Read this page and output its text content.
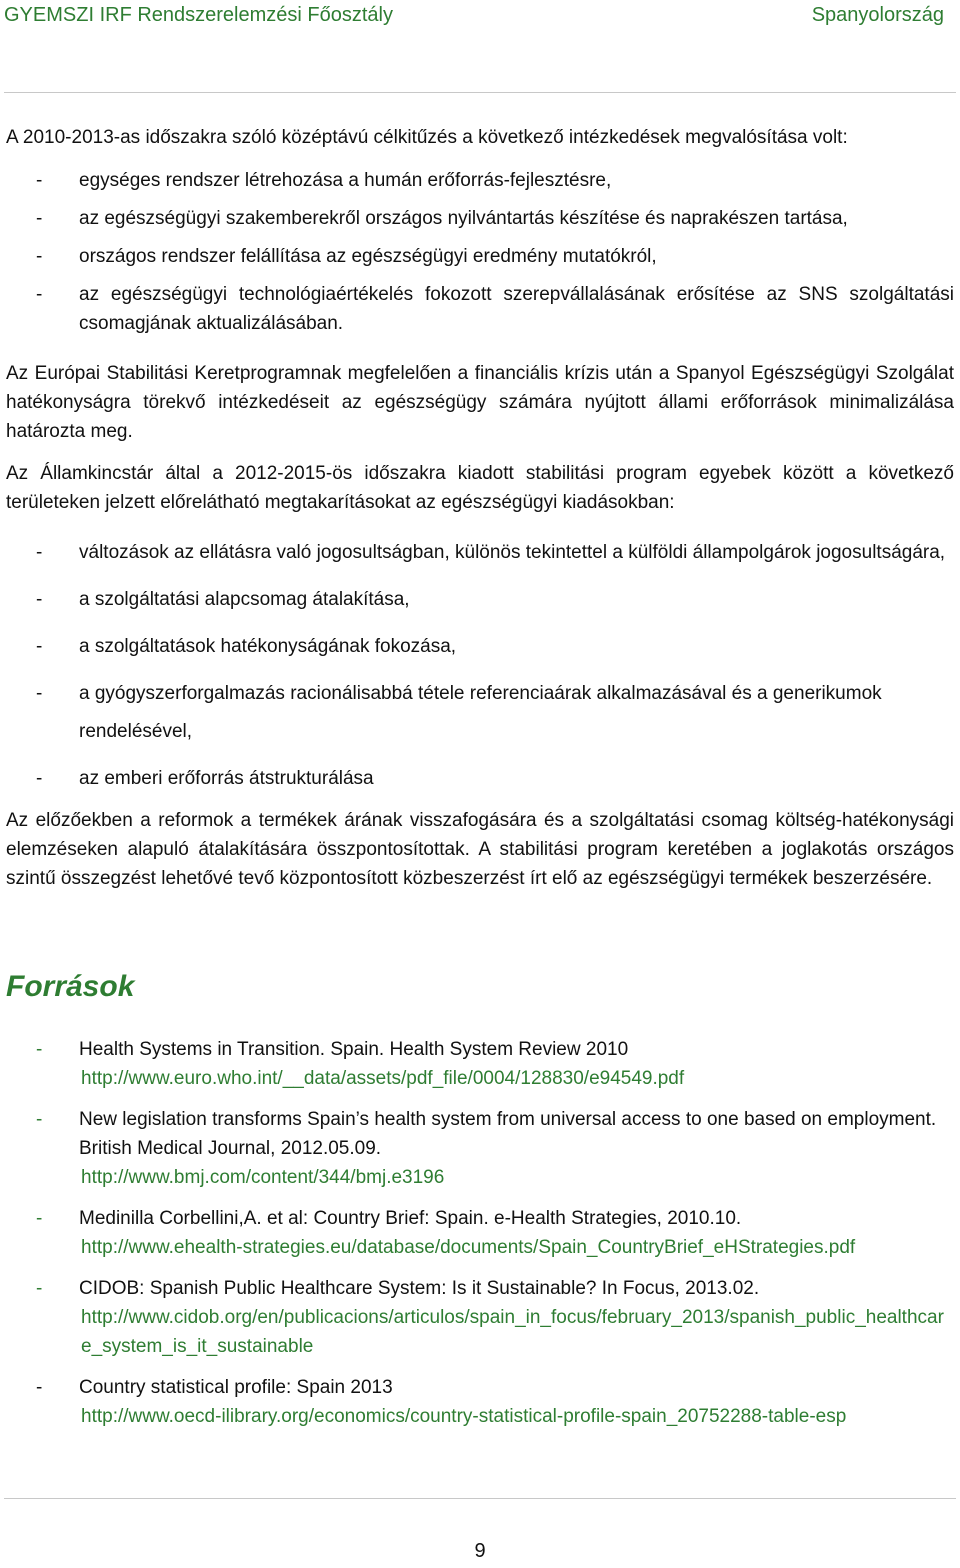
GYEMSZI IRF Rendszerelemzési Főosztály	Spanyolország

A 2010-2013-as időszakra szóló középtávú célkitűzés a következő intézkedések megvalósítása volt:

- egységes rendszer létrehozása a humán erőforrás-fejlesztésre,
- az egészségügyi szakemberekről országos nyilvántartás készítése és naprakészen tartása,
- országos rendszer felállítása az egészségügyi eredmény mutatókról,
- az egészségügyi technológiaértékelés fokozott szerepvállalásának erősítése az SNS szolgáltatási csomagjának aktualizálásában.

Az Európai Stabilitási Keretprogramnak megfelelően a financiális krízis után a Spanyol Egészségügyi Szolgálat hatékonyságra törekvő intézkedéseit az egészségügy számára nyújtott állami erőforrások minimalizálása határozta meg.

Az Államkincstár által a 2012-2015-ös időszakra kiadott stabilitási program egyebek között a következő területeken jelzett előrelátható megtakarításokat az egészségügyi kiadásokban:

- változások az ellátásra való jogosultságban, különös tekintettel a külföldi állampolgárok jogosultságára,
- a szolgáltatási alapcsomag átalakítása,
- a szolgáltatások hatékonyságának fokozása,
- a gyógyszerforgalmazás racionálisabbá tétele referenciaárak alkalmazásával és a generikumok rendelésével,
- az emberi erőforrás átstrukturálása

Az előzőekben a reformok a termékek árának visszafogására és a szolgáltatási csomag költség-hatékonysági elemzéseken alapuló átalakítására összpontosítottak. A stabilitási program keretében a joglakotás országos szintű összegzést lehetővé tevő központosított közbeszerzést írt elő az egészségügyi termékek beszerzésére.

Források
- Health Systems in Transition. Spain. Health System Review 2010
http://www.euro.who.int/__data/assets/pdf_file/0004/128830/e94549.pdf
- New legislation transforms Spain’s health system from universal access to one based on employment. British Medical Journal, 2012.05.09.
http://www.bmj.com/content/344/bmj.e3196
- Medinilla Corbellini,A. et al: Country Brief: Spain. e-Health Strategies, 2010.10.
http://www.ehealth-strategies.eu/database/documents/Spain_CountryBrief_eHStrategies.pdf
- CIDOB: Spanish Public Healthcare System: Is it Sustainable? In Focus, 2013.02.
http://www.cidob.org/en/publicacions/articulos/spain_in_focus/february_2013/spanish_public_healthcare_system_is_it_sustainable
- Country statistical profile: Spain 2013
http://www.oecd-ilibrary.org/economics/country-statistical-profile-spain_20752288-table-esp
9
